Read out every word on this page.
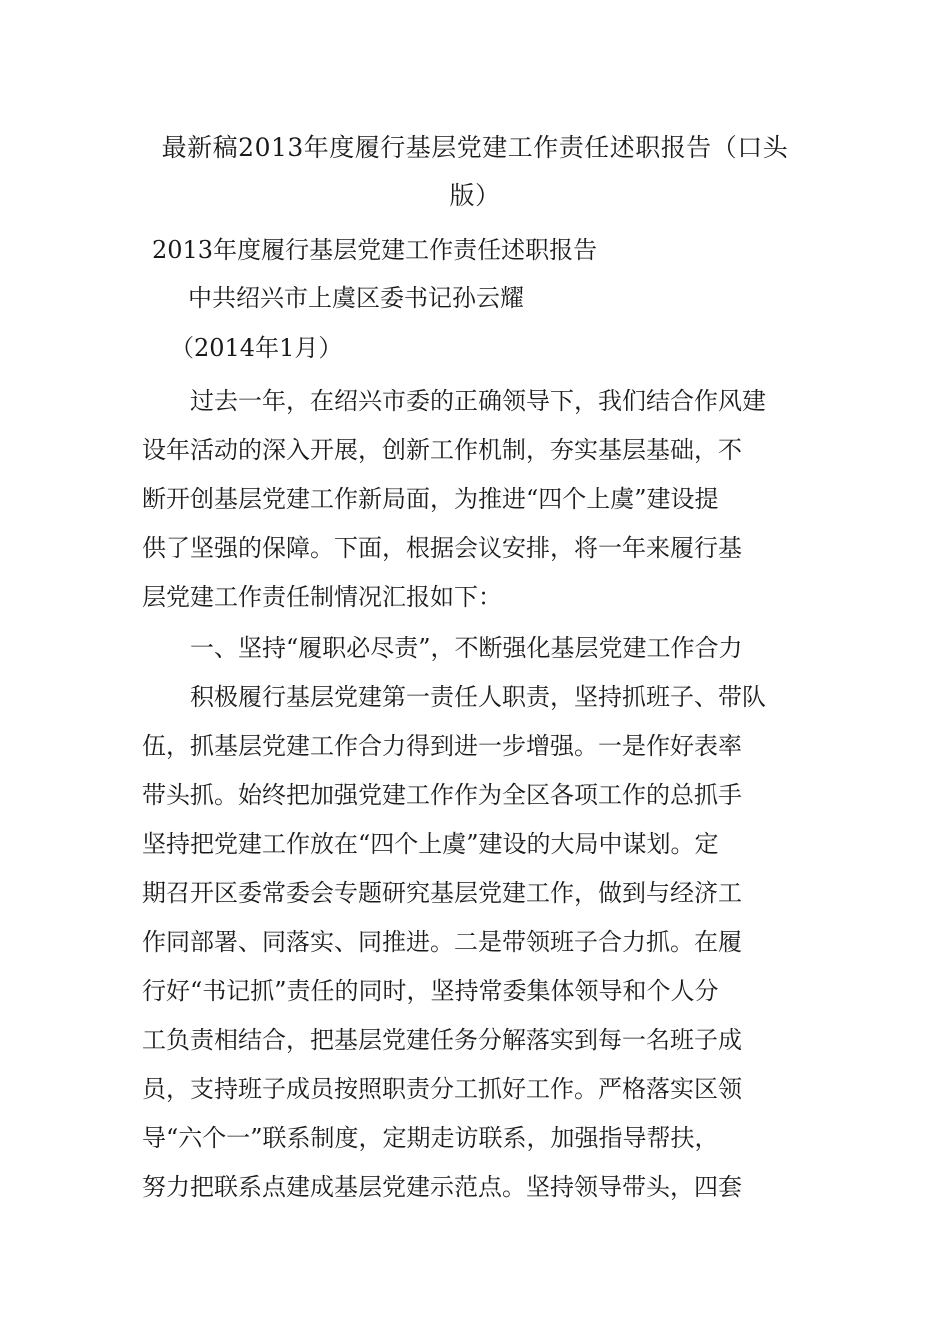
最新稿2013年度履行基层党建工作责任述职报告（口头
版）
2013年度履行基层党建工作责任述职报告
中共绍兴市上虞区委书记孙云耀
（2014年1月）
过去一年，在绍兴市委的正确领导下，我们结合作风建
设年活动的深入开展，创新工作机制，夯实基层基础，不
断开创基层党建工作新局面，为推进“四个上虞”建设提
供了坚强的保障。下面，根据会议安排，将一年来履行基
层党建工作责任制情况汇报如下：
一、坚持“履职必尽责”，不断强化基层党建工作合力
积极履行基层党建第一责任人职责，坚持抓班子、带队
伍，抓基层党建工作合力得到进一步增强。一是作好表率
带头抓。始终把加强党建工作作为全区各项工作的总抓手
坚持把党建工作放在“四个上虞”建设的大局中谋划。定
期召开区委常委会专题研究基层党建工作，做到与经济工
作同部署、同落实、同推进。二是带领班子合力抓。在履
行好“书记抓”责任的同时，坚持常委集体领导和个人分
工负责相结合，把基层党建任务分解落实到每一名班子成
员，支持班子成员按照职责分工抓好工作。严格落实区领
导“六个一”联系制度，定期走访联系，加强指导帮扶，
努力把联系点建成基层党建示范点。坚持领导带头，四套
